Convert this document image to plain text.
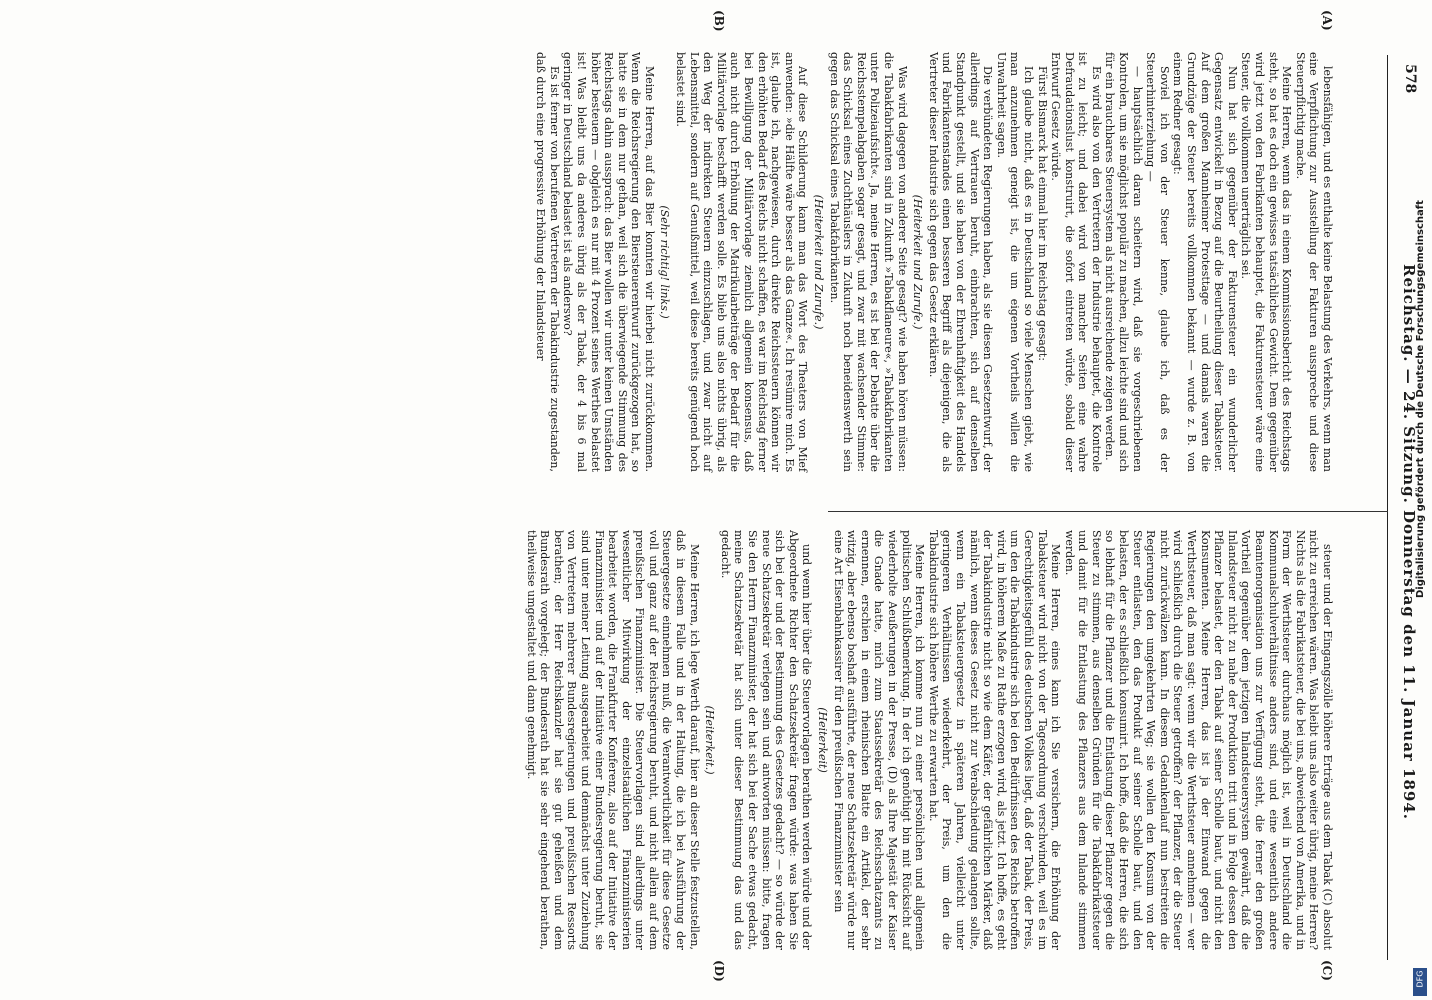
578
Reichstag. — 24. Sitzung. Donnerstag den 11. Januar 1894.
(A)
(B)
(C)
(D)

lebensfähigen, und es enthalte keine Belastung des Verkehrs, wenn man eine Verpflichtung zur Ausstellung der Fakturen ausspreche und diese Steuerpflichtig mache.

Meine Herren, wenn das in einem Kommissionsbericht des Reichstags steht, so hat es doch ein gewisses tatsächliches Gewicht. Dem gegenüber wird jetzt von den Fabrikanten behauptet, die Fakturensteuer wäre eine Steuer, die vollkommen unerträglich sei.

Nun hat sich gegenüber der Fakturensteuer ein wunderlicher Gegensatz entwickelt in Bezug auf die Beurtheilung dieser Tabaksteuer. Auf dem großen Mannheimer Protesttage — und damals waren die Grundzüge der Steuer bereits vollkommen bekannt — wurde z. B. von einem Redner gesagt:

Soviel ich von der Steuer kenne, glaube ich, daß es der Steuerhinterziehung —

— hauptsächlich daran scheitern wird, daß sie vorgeschriebenen Kontrolen, um sie möglichst populär zu machen, allzu leichte sind und sich für ein brauchbares Steuersystem als nicht ausreichende zeigen werden.

Es wird also von den Vertretern der Industrie behauptet, die Kontrole ist zu leicht; und dabei wird von mancher Seiten eine wahre Defraudationslust konstruirt, die sofort eintreten würde, sobald dieser Entwurf Gesetz würde.

Fürst Bismarck hat einmal hier im Reichstag gesagt:

Ich glaube nicht, daß es in Deutschland so viele Menschen giebt, wie man anzunehmen geneigt ist, die um eigenen Vortheils willen die Unwahrheit sagen.

Die verbündeten Regierungen haben, als sie diesen Gesetzentwurf, der allerdings auf Vertrauen beruht, einbrachten, sich auf denselben Standpunkt gestellt, und sie haben von der Ehrenhaftigkeit des Handels und Fabrikantenstandes einen besseren Begriff als diejenigen, die als Vertreter dieser Industrie sich gegen das Gesetz erklären.

(Heiterkeit und Zurufe.)

Was wird dagegen von anderer Seite gesagt? wie haben hören müssen: die Tabakfabrikanten sind in Zukunft »Tabakflaneure«, »Tabakfabrikanten unter Polizeiaufsicht«. Ja, meine Herren, es ist bei der Debatte über die Reichsstempelabgaben sogar gesagt, und zwar mit wachsender Stimme: das Schicksal eines Zuchthäuslers in Zukunft noch beneidenswerth sein gegen das Schicksal eines Tabakfabrikanten.

(Heiterkeit und Zurufe.)

Auf diese Schilderung kann man das Wort des Theaters von Mief anwenden: »die Hälfte wäre besser als das Ganze«. Ich resümire mich. Es ist, glaube ich, nachgewiesen, durch direkte Reichssteuern können wir den erhöhten Bedarf des Reichs nicht schaffen, es war im Reichstag ferner bei Bewilligung der Militärvorlage ziemlich allgemein konsensus, daß auch nicht durch Erhöhung der Matrikularbeiträge der Bedarf für die Militärvorlage beschafft werden solle. Es blieb uns also nichts übrig, als den Weg der indirekten Steuern einzuschlagen, und zwar nicht auf Lebensmittel, sondern auf Genußmittel, weil diese bereits genügend hoch belastet sind.

(Sehr richtig! links.)

Meine Herren, auf das Bier konnten wir hierbei nicht zurückkommen. Wenn die Reichsregierung den Biersteuerentwurf zurückgezogen hat, so hatte sie in dem nur gethan, weil sich die überwiegende Stimmung des Reichstags dahin aussprach: das Bier wollen wir unter keinen Umständen höher besteuern — obgleich es nur mit 4 Prozent seines Werthes belastet ist! Was bleibt uns da anderes übrig als der Tabak, der 4 bis 6 mal geringer in Deutschland belastet ist als anderswo?

Es ist ferner von berufenen Vertretern der Tabakindustrie zugestanden, daß durch eine progressive Erhöhung der Inlandsteuer

steuer und der Eingangszölle höhere Erträge aus dem Tabak (C) absolut nicht zu erreichen wären. Was bleibt uns also weiter übrig, meine Herren? Nichts als die Fabrikatsteuer, die bei uns, abweichend von Amerika, und in Form der Werthsteuer durchaus möglich ist, weil in Deutschland die Kommunalschulverhältnisse anders sind, und eine wesentlich andere Beamtenorganisation uns zur Verfügung steht, die ferner den großen Vortheil gegenüber dem jetzigen Inlandsteuersystem gewährt, daß die Inlandsteuer nicht zu nahe der Produktion tritt und in Folge dessen den Pflanzer belastet, der den Tabak auf seiner Scholle baut, und nicht den Konsumenten. Meine Herren, das ist ja der Einwand gegen die Werthsteuer, daß man sagt: wenn wir die Werthsteuer annehmen — wer wird schließlich durch die Steuer getroffen? der Pflanzer, der die Steuer nicht zurückwälzen kann. In diesem Gedankenlauf nun bestreiten die Regierungen den umgekehrten Weg; sie wollen den Konsum von der Steuer entlasten, den das Produkt auf seiner Scholle baut, und den belasten, der es schließlich konsumirt. Ich hoffe, daß die Herren, die sich so lebhaft für die Pflanzer und die Entlastung dieser Pflanzer gegen die Steuer zu stimmen, aus denselben Gründen für die Tabakfabrikatsteuer und damit für die Entlastung des Pflanzers aus dem Inlande stimmen werden.

Meine Herren, eines kann ich Sie versichern, die Erhöhung der Tabaksteuer wird nicht von der Tagesordnung verschwinden, weil es im Gerechtigkeitsgefühl des deutschen Volkes liegt, daß der Tabak, der Preis, um den die Tabakindustrie sich bei den Bedürfnissen des Reichs betroffen wird, in höherem Maße zu Rathe erzogen wird, als jetzt. Ich hoffe, es geht der Tabakindustrie nicht so wie dem Käfer, der gefährlichen Märker, daß nämlich, wenn dieses Gesetz nicht zur Verabschiedung gelangen sollte, wenn ein Tabaksteuergesetz in späteren Jahren, vielleicht unter geringeren Verhältnissen wiederkehrt, der Preis, um den die Tabakindustrie sich höhere Werthe zu erwarten hat.

Meine Herren, ich komme nun zu einer persönlichen und allgemein politischen Schlußbemerkung. In der ich genöthigt bin mit Rücksicht auf wiederholte Aeußerungen in der Presse, (D) als Ihre Majestät der Kaiser die Gnade hatte, mich zum Staatssekretär des Reichsschatzamts zu ernennen, erschien in einem rheinischen Blatte ein Artikel, der sehr witzig, aber ebenso boshaft ausführte, der neue Schatzsekretär würde nur eine Art Eisenbahnkassirer für den preußischen Finanzminister sein

(Heiterkeit)

und wenn hier über die Steuervorlagen berathen werden würde und der Abgeordnete Richter den Schatzsekretär fragen würde: was haben Sie sich bei der und der Bestimmung des Gesetzes gedacht? — so würde der neue Schatzsekretär verlegen sein und antworten müssen: bitte, fragen Sie den Herrn Finanzminister, der hat sich bei der Sache etwas gedacht, meine Schatzsekretär hat sich unter dieser Bestimmung das und das gedacht.

(Heiterkeit.)

Meine Herren, ich lege Werth darauf, hier an dieser Stelle festzustellen, daß in diesem Falle und in der Haltung, die ich bei Ausführung der Steuergesetze einnehmen muß, die Verantwortlichkeit für diese Gesetze voll und ganz auf der Reichsregierung beruht, und nicht allein auf dem preußischen Finanzminister. Die Steuervorlagen sind allerdings unter wesentlicher Mitwirkung der einzelstaatlichen Finanzministerien bearbeitet worden, die Frankfurter Konferenz, also auf der Initiative der Finanzminister und auf der Initiative einer Bundesregierung beruht, sie sind unter meiner Leitung ausgearbeitet und demnächst unter Zuziehung von Vertretern mehrerer Bundesregierungen und preußischen Ressorts berathen; der Herr Reichskanzler hat sie gut geheißen und dem Bundesrath vorgelegt; der Bundesrath hat sie sehr eingehend berathen, theilweise umgestaltet und dann genehmigt.

Digitalisierung gefördert durch die Deutsche Forschungsgemeinschaft
DFG
